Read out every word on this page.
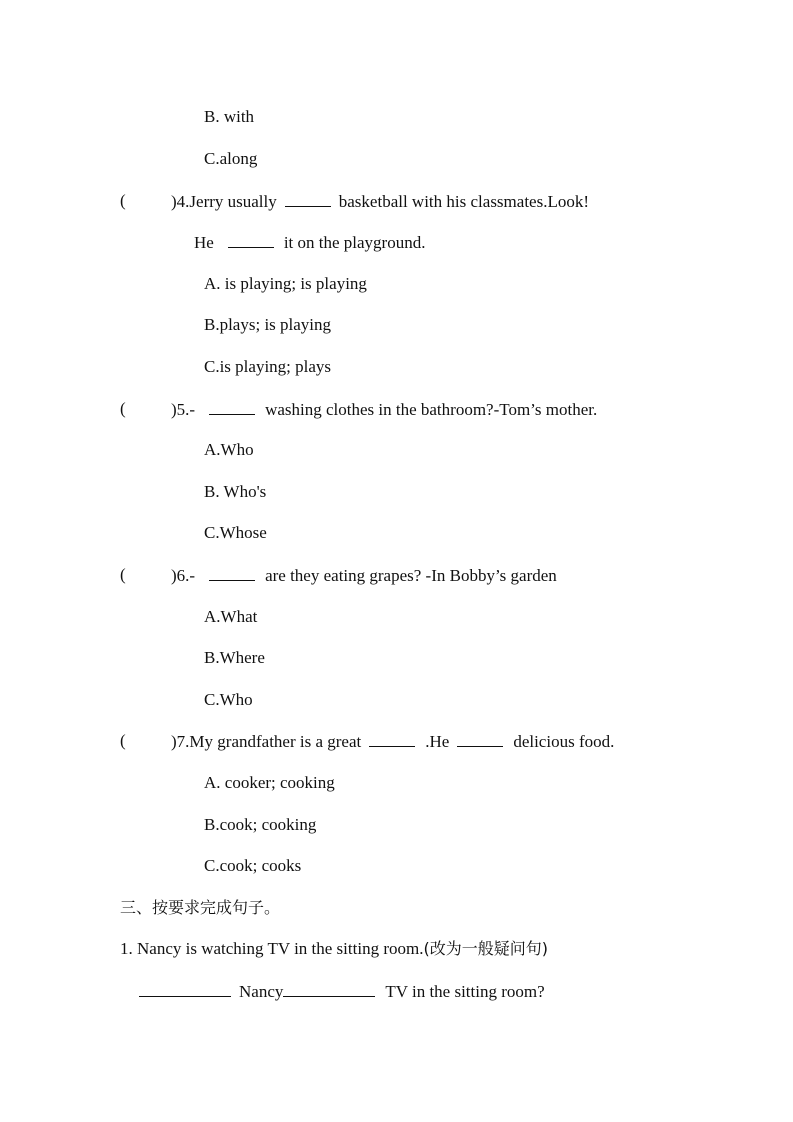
B. with
C.along
(	)4.Jerry usually	basketball with his classmates.Look!
He	it on the playground.
A. is playing; is playing
B.plays; is playing
C.is playing; plays
(	)5.-	washing clothes in the bathroom?-Tom’s mother.
A.Who
B. Who's
C.Whose
(	)6.-	are they eating grapes? -In Bobby’s garden
A.What
B.Where
C.Who
(	)7.My grandfather is a great	.He	delicious food.
A. cooker; cooking
B.cook; cooking
C.cook; cooks
三、按要求完成句子。
1. Nancy is watching TV in the sitting room.(改为一般疑问句)
Nancy	TV in the sitting room?
